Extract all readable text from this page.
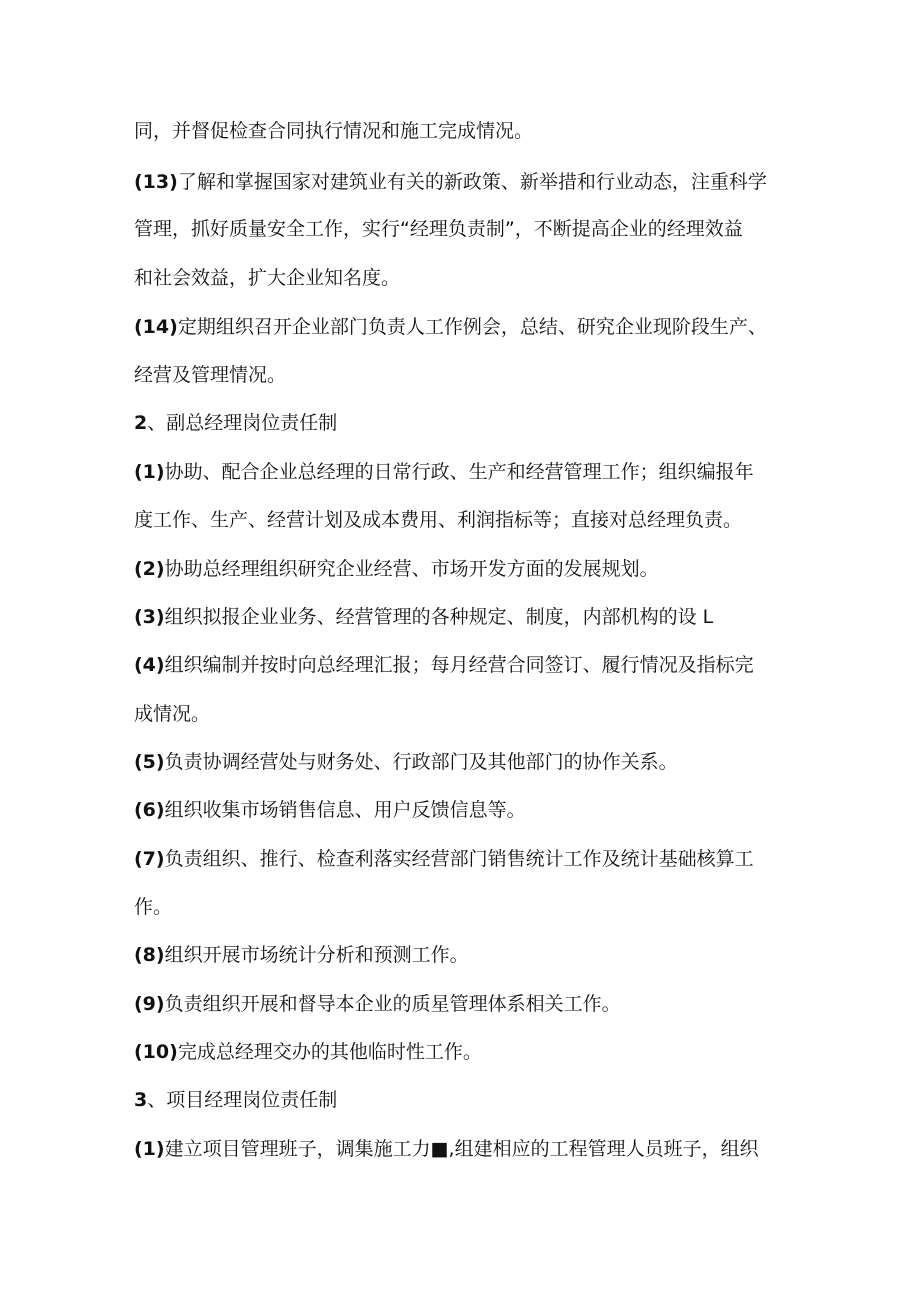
同，并督促检查合同执行情况和施工完成情况。
(13)了解和掌握国家对建筑业有关的新政策、新举措和行业动态，注重科学
管理，抓好质量安全工作，实行“经理负责制”，不断提高企业的经理效益
和社会效益，扩大企业知名度。
(14)定期组织召开企业部门负责人工作例会，总结、研究企业现阶段生产、
经营及管理情况。
2、副总经理岗位责任制
(1)协助、配合企业总经理的日常行政、生产和经营管理工作；组织编报年
度工作、生产、经营计划及成本费用、利润指标等；直接对总经理负责。
(2)协助总经理组织研究企业经营、市场开发方面的发展规划。
(3)组织拟报企业业务、经营管理的各种规定、制度，内部机构的设 L
(4)组织编制并按时向总经理汇报；每月经营合同签订、履行情况及指标完
成情况。
(5)负责协调经营处与财务处、行政部门及其他部门的协作关系。
(6)组织收集市场销售信息、用户反馈信息等。
(7)负责组织、推行、检查利落实经营部门销售统计工作及统计基础核算工
作。
(8)组织开展市场统计分析和预测工作。
(9)负责组织开展和督导本企业的质星管理体系相关工作。
(10)完成总经理交办的其他临时性工作。
3、项目经理岗位责任制
(1)建立项目管理班子，调集施工力■,组建相应的工程管理人员班子，组织
